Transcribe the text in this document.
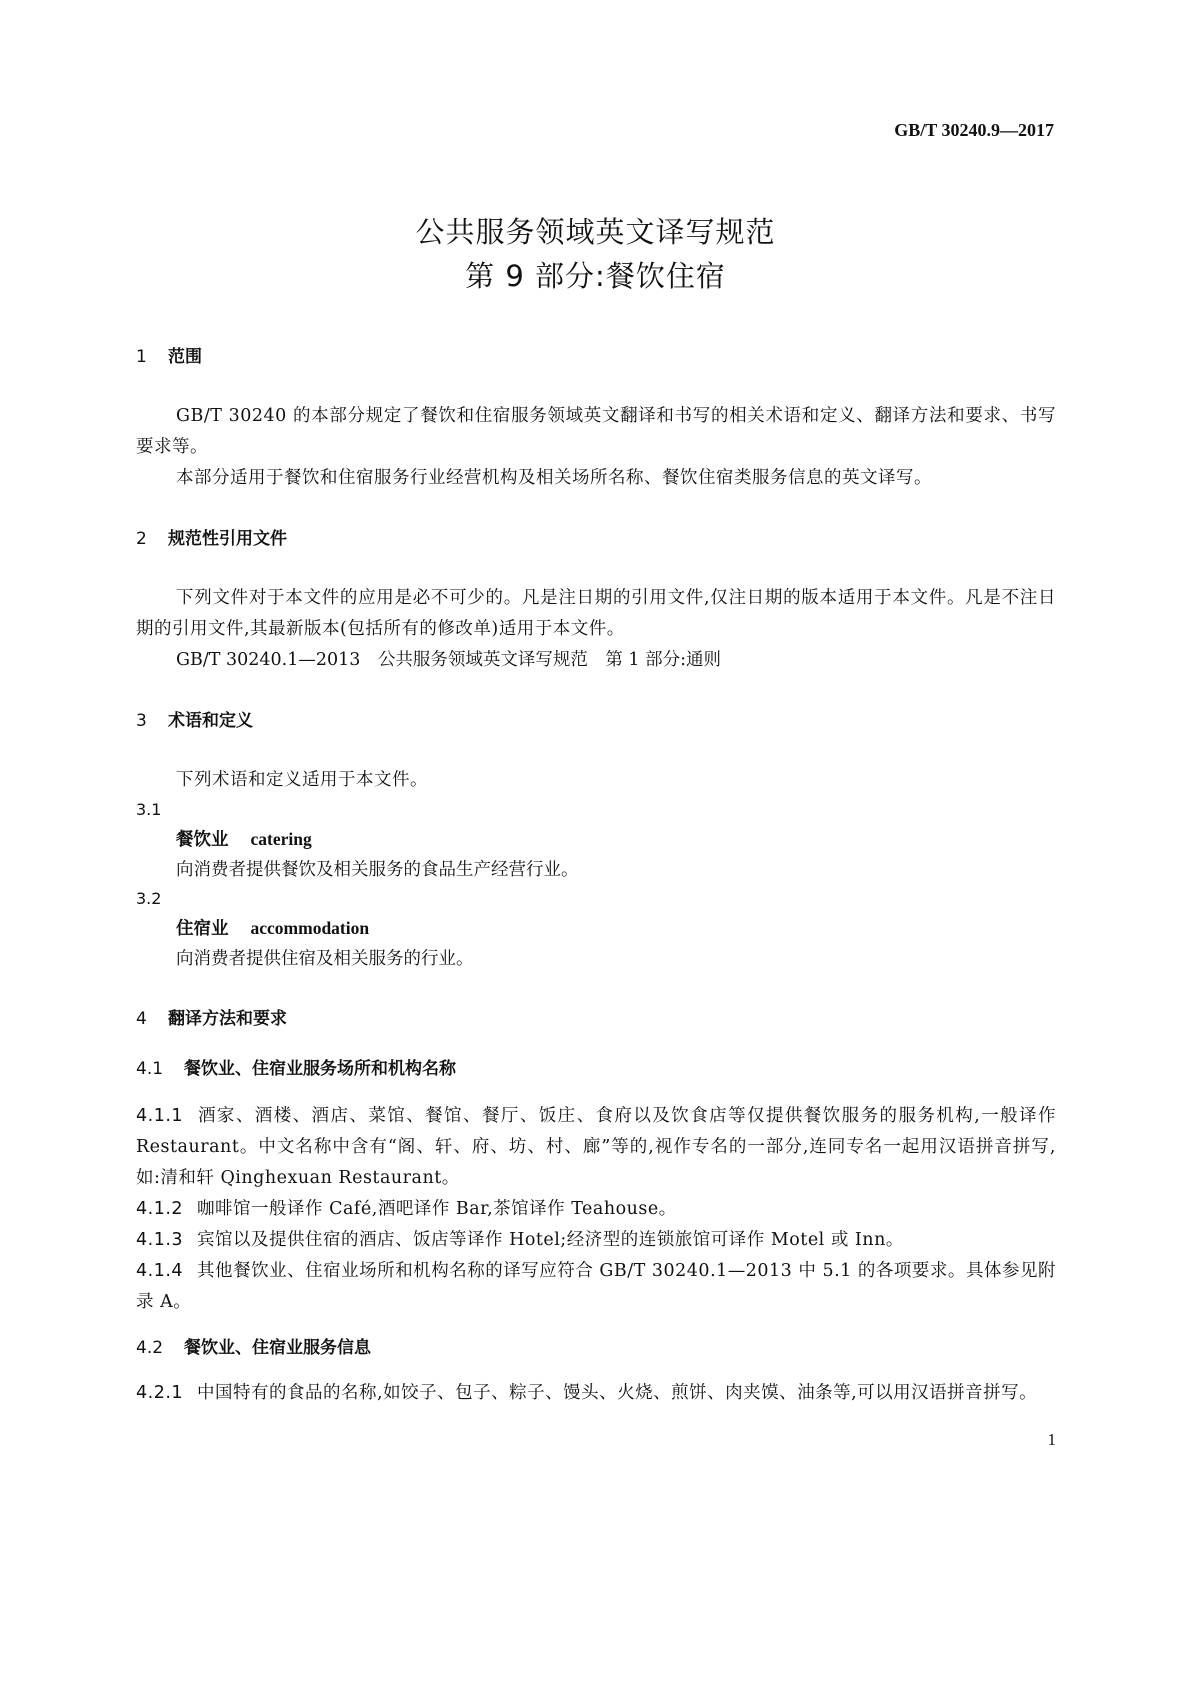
GB/T 30240.9—2017
公共服务领域英文译写规范
第 9 部分:餐饮住宿
1 范围
GB/T 30240 的本部分规定了餐饮和住宿服务领域英文翻译和书写的相关术语和定义、翻译方法和要求、书写要求等。
本部分适用于餐饮和住宿服务行业经营机构及相关场所名称、餐饮住宿类服务信息的英文译写。
2 规范性引用文件
下列文件对于本文件的应用是必不可少的。凡是注日期的引用文件,仅注日期的版本适用于本文件。凡是不注日期的引用文件,其最新版本(包括所有的修改单)适用于本文件。
GB/T 30240.1—2013　公共服务领域英文译写规范　第 1 部分:通则
3 术语和定义
下列术语和定义适用于本文件。
3.1
餐饮业 catering
向消费者提供餐饮及相关服务的食品生产经营行业。
3.2
住宿业 accommodation
向消费者提供住宿及相关服务的行业。
4 翻译方法和要求
4.1 餐饮业、住宿业服务场所和机构名称
4.1.1 酒家、酒楼、酒店、菜馆、餐馆、餐厅、饭庄、食府以及饮食店等仅提供餐饮服务的服务机构,一般译作 Restaurant。中文名称中含有“阁、轩、府、坊、村、廊”等的,视作专名的一部分,连同专名一起用汉语拼音拼写,如:清和轩 Qinghexuan Restaurant。
4.1.2 咖啡馆一般译作 Café,酒吧译作 Bar,茶馆译作 Teahouse。
4.1.3 宾馆以及提供住宿的酒店、饭店等译作 Hotel;经济型的连锁旅馆可译作 Motel 或 Inn。
4.1.4 其他餐饮业、住宿业场所和机构名称的译写应符合 GB/T 30240.1—2013 中 5.1 的各项要求。具体参见附录 A。
4.2 餐饮业、住宿业服务信息
4.2.1 中国特有的食品的名称,如饺子、包子、粽子、馒头、火烧、煎饼、肉夹馍、油条等,可以用汉语拼音拼写。
1
